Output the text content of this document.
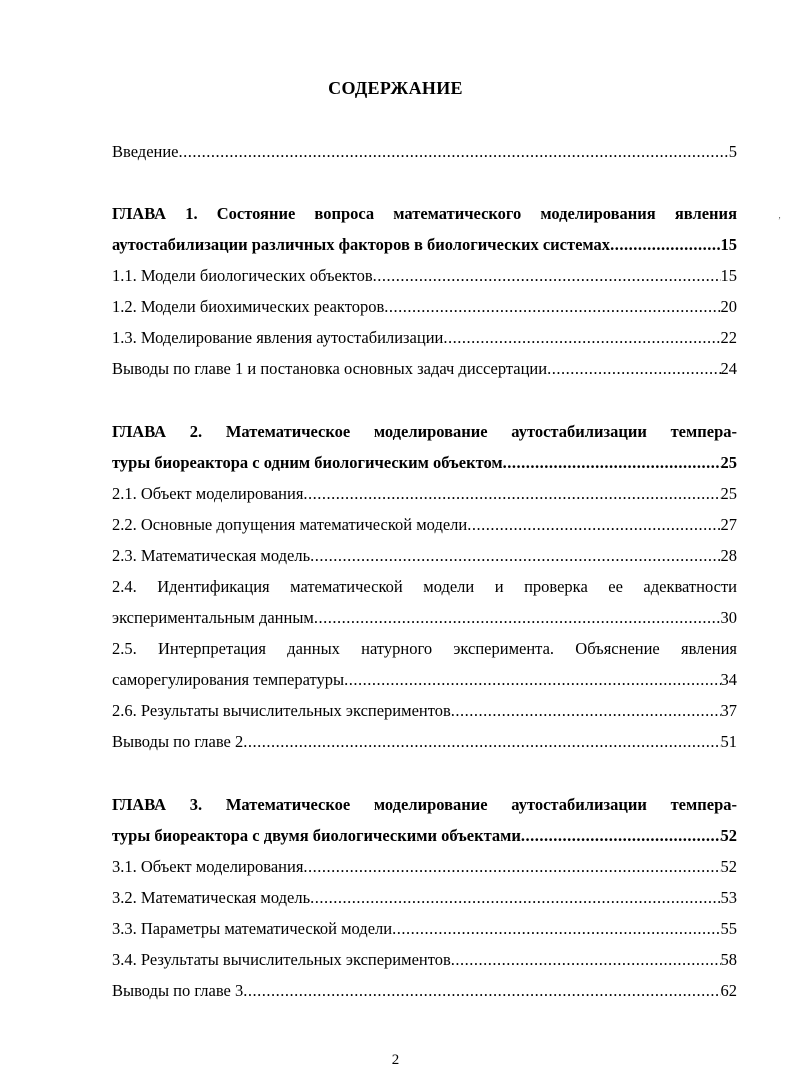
СОДЕРЖАНИЕ
Введение .....	5
ГЛАВА 1. Состояние вопроса математического моделирования явления
аутостабилизации различных факторов в биологических системах .....	15
1.1. Модели биологических объектов .....	15
1.2. Модели биохимических реакторов .....	20
1.3. Моделирование явления аутостабилизации .....	22
Выводы по главе 1 и постановка основных задач диссертации .....	24
ГЛАВА 2. Математическое моделирование аутостабилизации темпера-
туры биореактора с одним биологическим объектом .....	25
2.1. Объект моделирования .....	25
2.2. Основные допущения математической модели .....	27
2.3. Математическая модель .....	28
2.4. Идентификация математической модели и проверка ее адекватности
экспериментальным данным .....	30
2.5. Интерпретация данных натурного эксперимента. Объяснение явления
саморегулирования температуры .....	34
2.6. Результаты вычислительных экспериментов .....	37
Выводы по главе 2 .....	51
ГЛАВА 3. Математическое моделирование аутостабилизации темпера-
туры биореактора с двумя биологическими объектами .....	52
3.1. Объект моделирования .....	52
3.2. Математическая модель .....	53
3.3. Параметры математической модели .....	55
3.4. Результаты вычислительных экспериментов .....	58
Выводы по главе 3 .....	62
‚
2
